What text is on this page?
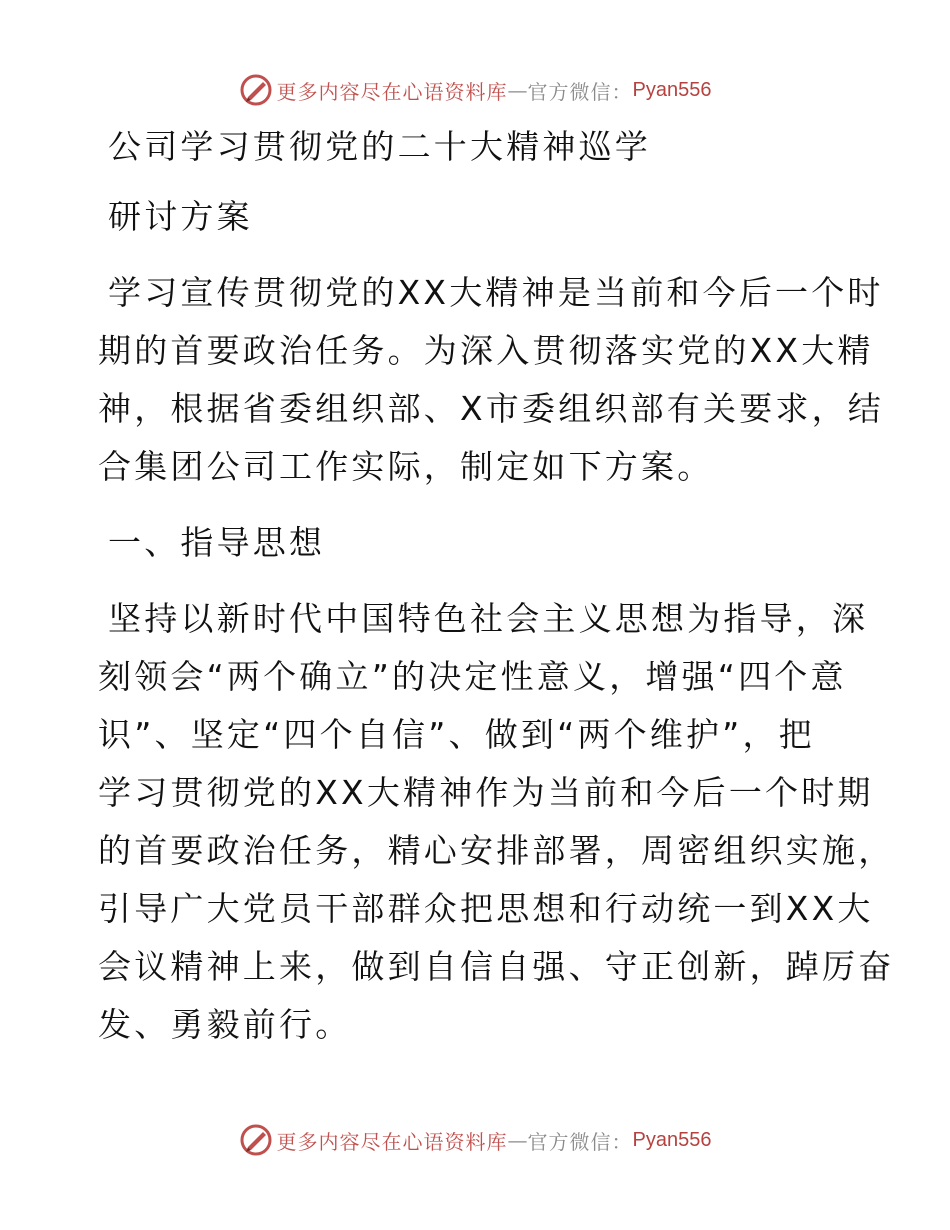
更多内容尽在心语资料库 — 官方微信： Pyan556
公司学习贯彻党的二十大精神巡学
研讨方案
学习宣传贯彻党的XX大精神是当前和今后一个时
期的首要政治任务。为深入贯彻落实党的XX大精
神，根据省委组织部、X市委组织部有关要求，结
合集团公司工作实际，制定如下方案。
一、指导思想
坚持以新时代中国特色社会主义思想为指导，深
刻领会“两个确立”的决定性意义，增强“四个意
识”、坚定“四个自信”、做到“两个维护”，把
学习贯彻党的XX大精神作为当前和今后一个时期
的首要政治任务，精心安排部署，周密组织实施，
引导广大党员干部群众把思想和行动统一到XX大
会议精神上来，做到自信自强、守正创新，踔厉奋
发、勇毅前行。
更多内容尽在心语资料库 — 官方微信： Pyan556
